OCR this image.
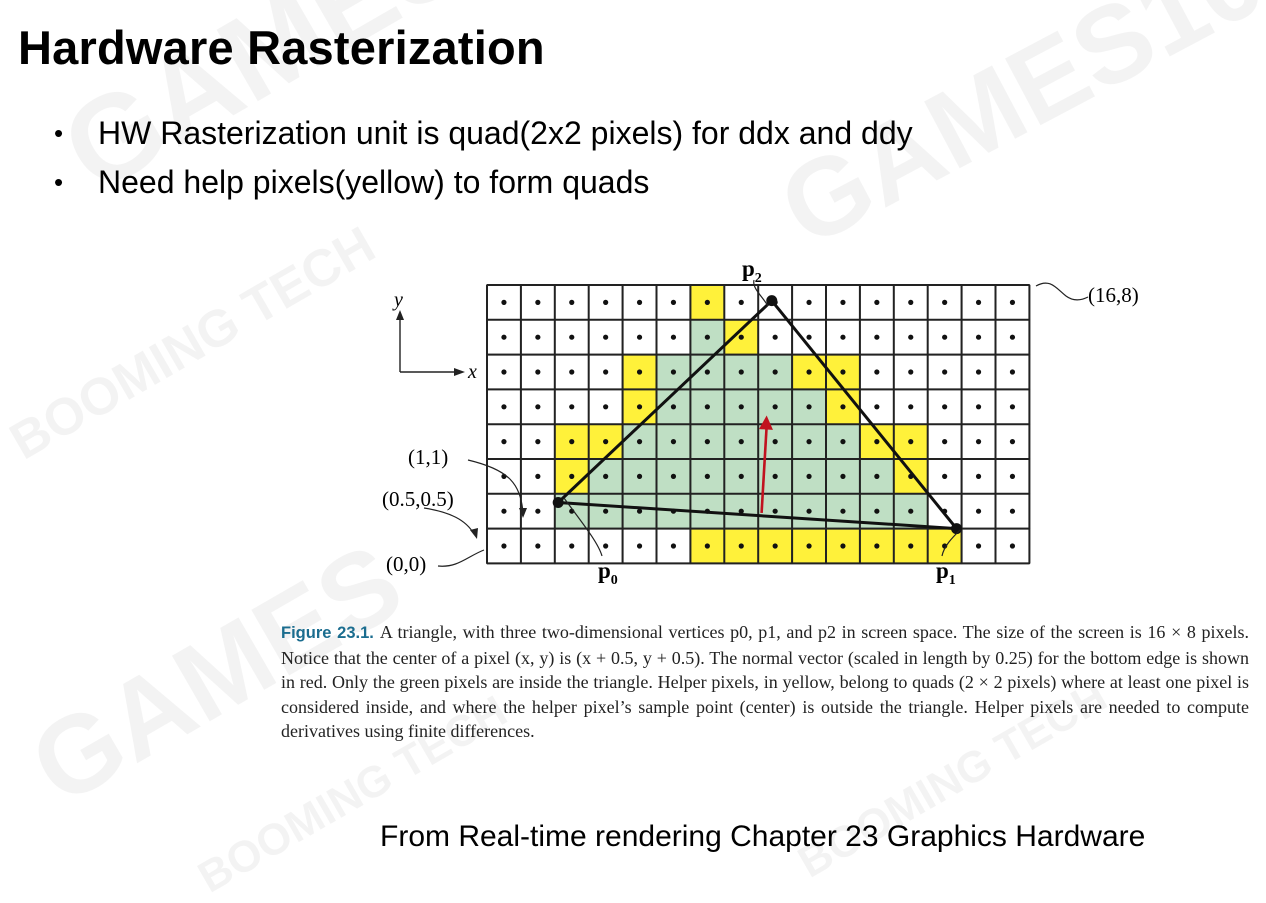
Hardware Rasterization
• HW Rasterization unit is quad(2x2 pixels) for ddx and ddy
• Need help pixels(yellow) to form quads
y
x
(16,8)
(1,1)
(0.5,0.5)
(0,0)
$p_2$
$p_0$	$p_1$
Figure 23.1. A triangle, with three two-dimensional vertices p0, p1, and p2 in screen space. The size of the screen is 16 × 8 pixels. Notice that the center of a pixel (x, y) is (x + 0.5, y + 0.5). The normal vector (scaled in length by 0.25) for the bottom edge is shown in red. Only the green pixels are inside the triangle. Helper pixels, in yellow, belong to quads (2 × 2 pixels) where at least one pixel is considered inside, and where the helper pixel’s sample point (center) is outside the triangle. Helper pixels are needed to compute derivatives using finite differences.
From Real-time rendering Chapter 23 Graphics Hardware
